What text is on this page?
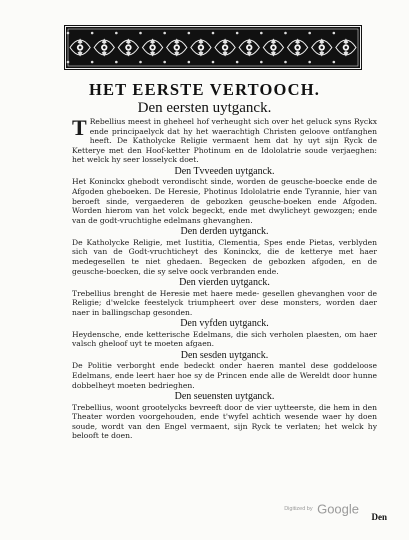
HET EERSTE VERTOOCH.
Den eersten uytganck.
T Rebellius meest in gheheel hof verheught sich over het geluck syns Ryckx ende principaelyck dat hy het waerachtigh Christen geloove ontfanghen heeft. De Katholycke Religie vermaent hem dat hy uyt sijn Ryck de Ketterye met den Hoof-ketter Photinum en de Idololatrie soude verjaeghen: het welck hy seer losselyck doet.
Den Tvveeden uytganck.
Het Koninckx ghebodt verondischt sinde, worden de geusche-boecke ende de Afgoden gheboeken. De Heresie, Photinus Idololatrie ende Tyrannie, hier van beroeft sinde, vergaederen de gebozken geusche-boeken ende Afgoden. Worden hierom van het volck begeckt, ende met dwylicheyt gewozgen; ende van de godt-vruchtighe edelmans ghevanghen.
Den derden uytganck.
De Katholycke Religie, met Iustitia, Clementia, Spes ende Pietas, verblyden sich van de Godt-vruchticheyt des Koninckx, die de ketterye met haer medegesellen te niet ghedaen. Begecken de gebozken afgoden, en de geusche-boecken, die sy selve oock verbranden ende.
Den vierden uytganck.
Trebellius brenght de Heresie met haere mede- gesellen ghevanghen voor de Religie; d'welcke feestelyck triumpheert over dese monsters, worden daer naer in ballingschap gesonden.
Den vyfden uytganck.
Heydensche, ende ketterische Edelmans, die sich verholen plaesten, om haer valsch gheloof uyt te moeten afgaen.
Den sesden uytganck.
De Politie verborght ende bedeckt onder haeren mantel dese goddeloose Edelmans, ende leert haer hoe sy de Princen ende alle de Wereldt door hunne dobbelheyt moeten bedrieghen.
Den seuensten uytganck.
Trebellius, woont grootelycks bevreeft door de vier uytteerste, die hem in den Theater worden voorgehouden, ende t'wyfel achtich wesende waer hy doen soude, wordt van den Engel vermaent, sijn Ryck te verlaten; het welck hy belooft te doen.
Digitized by Google
Den
